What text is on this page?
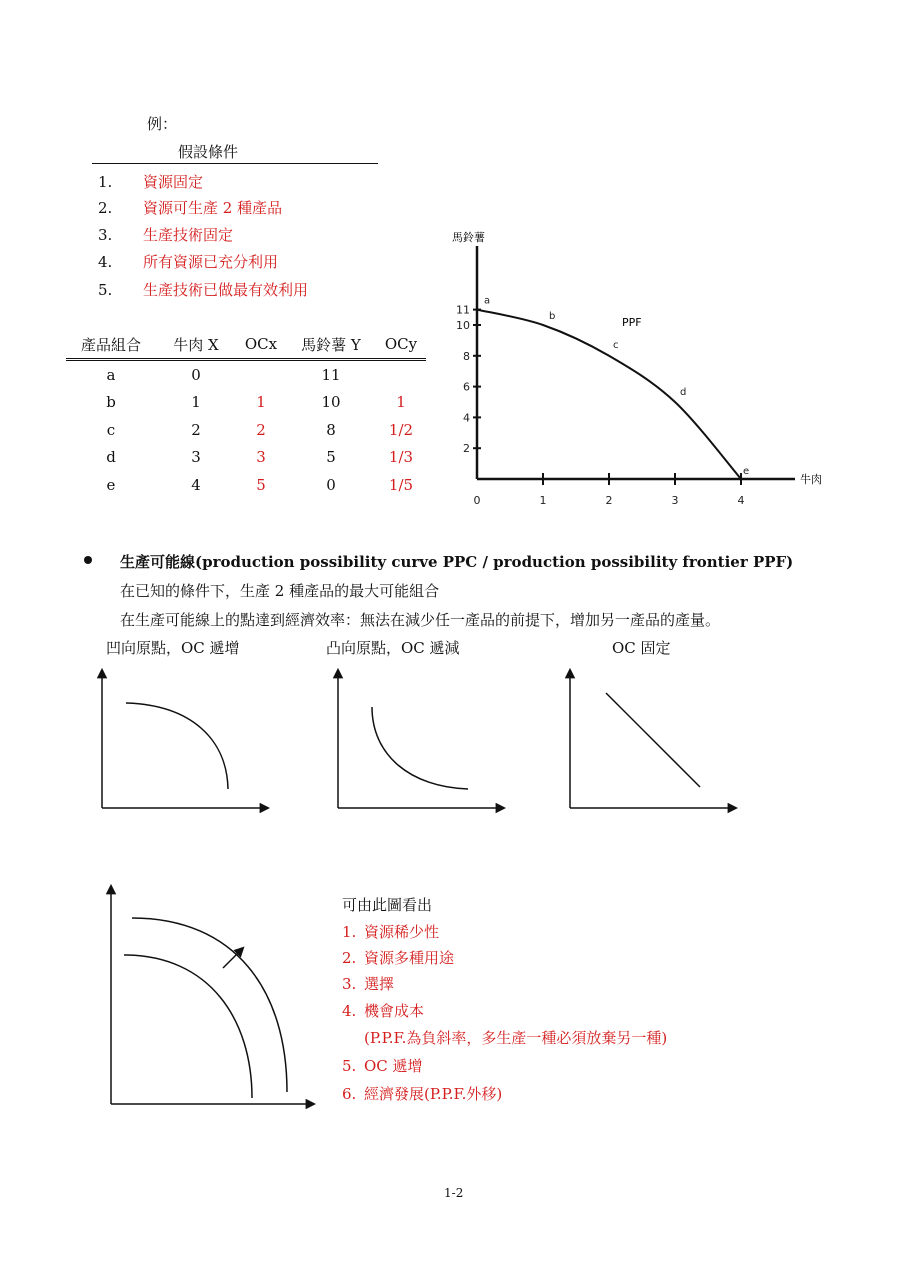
例：
假設條件
1. 資源固定
2. 資源可生產 2 種產品
3. 生產技術固定
4. 所有資源已充分利用
5. 生產技術已做最有效利用
產品組合	牛肉 X	OCx	馬鈴薯 Y	OCy
a	0		11	
b	1	1	10	1
c	2	2	8	1/2
d	3	3	5	1/3
e	4	5	0	1/5
馬鈴薯
牛肉
PPF
0	1	2	3	4
2
4
6
8
10
11
a
b
c
d
e
生產可能線(production possibility curve PPC / production possibility frontier PPF)
在已知的條件下，生產 2 種產品的最大可能組合
在生產可能線上的點達到經濟效率：無法在減少任一產品的前提下，增加另一產品的產量。
凹向原點，OC 遞增	凸向原點，OC 遞減	OC 固定
可由此圖看出
1. 資源稀少性
2. 資源多種用途
3. 選擇
4. 機會成本
(P.P.F.為負斜率，多生產一種必須放棄另一種)
5. OC 遞增
6. 經濟發展(P.P.F.外移)
1-2
